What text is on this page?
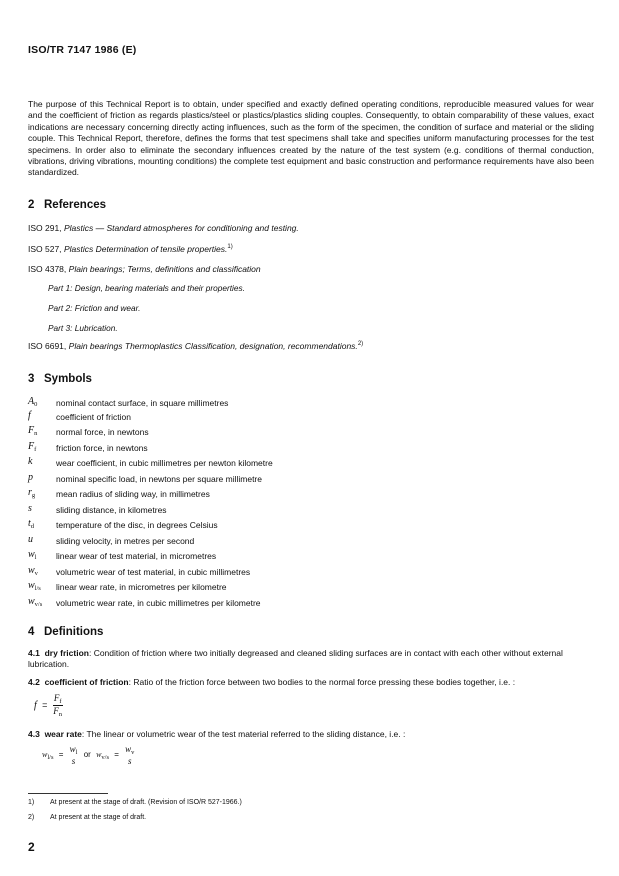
ISO/TR 7147 1986 (E)
The purpose of this Technical Report is to obtain, under specified and exactly defined operating conditions, reproducible measured values for wear and the coefficient of friction as regards plastics/steel or plastics/plastics sliding couples. Consequently, to obtain comparability of these values, exact indications are necessary concerning directly acting influences, such as the form of the specimen, the condition of surface and material or the sliding couple. This Technical Report, therefore, defines the forms that test specimens shall take and specifies uniform manufacturing processes for the test specimens. In order also to eliminate the secondary influences created by the nature of the test system (e.g. conditions of thermal conduction, vibrations, driving vibrations, mounting conditions) the complete test equipment and basic construction and performance requirements have also been standardized.
2 References
ISO 291, Plastics — Standard atmospheres for conditioning and testing.
ISO 527, Plastics Determination of tensile properties.$^{1)}$
ISO 4378, Plain bearings; Terms, definitions and classification
Part 1: Design, bearing materials and their properties.
Part 2: Friction and wear.
Part 3: Lubrication.
ISO 6691, Plain bearings Thermoplastics Classification, designation, recommendations.$^{2)}$
3 Symbols
$A_0$	nominal contact surface, in square millimetres
f	coefficient of friction
$F_n$	normal force, in newtons
$F_f$	friction force, in newtons
k	wear coefficient, in cubic millimetres per newton kilometre
p	nominal specific load, in newtons per square millimetre
$r_g$	mean radius of sliding way, in millimetres
s	sliding distance, in kilometres
$t_d$	temperature of the disc, in degrees Celsius
u	sliding velocity, in metres per second
$w_l$	linear wear of test material, in micrometres
$w_v$	volumetric wear of test material, in cubic millimetres
$w_{l/s}$	linear wear rate, in micrometres per kilometre
$w_{v/s}$	volumetric wear rate, in cubic millimetres per kilometre
4 Definitions
4.1 dry friction: Condition of friction where two initially degreased and cleaned sliding surfaces are in contact with each other without external lubrication.
4.2 coefficient of friction: Ratio of the friction force between two bodies to the normal force pressing these bodies together, i.e. :
$f = \frac{F_f}{F_n}$
4.3 wear rate: The linear or volumetric wear of the test material referred to the sliding distance, i.e. :
$w_{l/s}$ =
$w_l$
s
or $w_{v/s}$ =
$w_v$
s
1) At present at the stage of draft. (Revision of ISO/R 527-1966.)
2) At present at the stage of draft.
2
